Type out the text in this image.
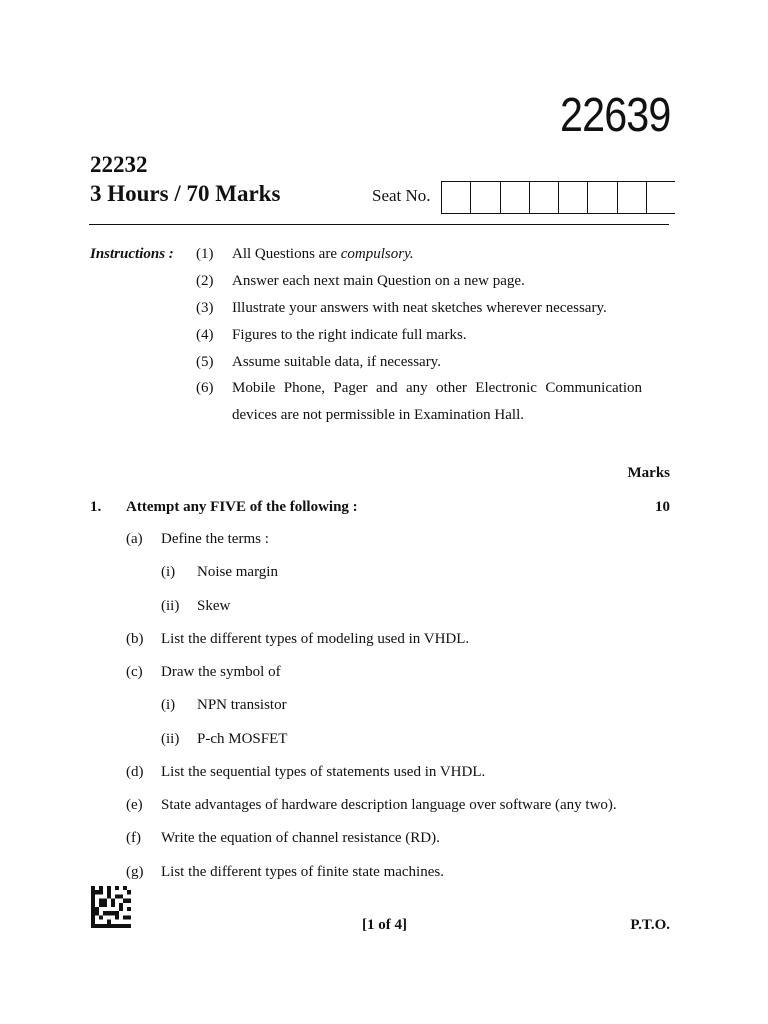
22639
22232
3 Hours / 70 Marks	Seat No.
Instructions : (1) All Questions are compulsory.
(2) Answer each next main Question on a new page.
(3) Illustrate your answers with neat sketches wherever necessary.
(4) Figures to the right indicate full marks.
(5) Assume suitable data, if necessary.
(6) Mobile Phone, Pager and any other Electronic Communication
devices are not permissible in Examination Hall.
Marks
1. Attempt any FIVE of the following :	10
(a) Define the terms :
(i) Noise margin
(ii) Skew
(b) List the different types of modeling used in VHDL.
(c) Draw the symbol of
(i) NPN transistor
(ii) P-ch MOSFET
(d) List the sequential types of statements used in VHDL.
(e) State advantages of hardware description language over software (any two).
(f) Write the equation of channel resistance (RD).
(g) List the different types of finite state machines.
[1 of 4]	P.T.O.
